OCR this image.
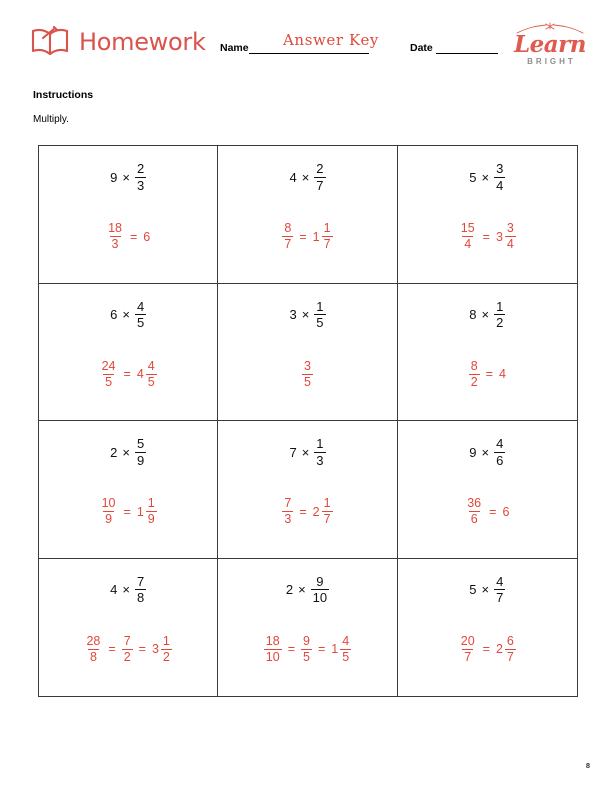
Homework Name Answer Key	Date	Learn
BRIGHT
Instructions
Multiply.
$9 \times \frac{2}{3}$
$\frac{18}{3} = 6$
$4 \times \frac{2}{7}$
$\frac{8}{7} = 1 \frac{1}{7}$
$5 \times \frac{3}{4}$
$\frac{15}{4} = 3 \frac{3}{4}$
$6 \times \frac{4}{5}$
$\frac{24}{5} = 4 \frac{4}{5}$
$3 \times \frac{1}{5}$
$\frac{3}{5}$
$8 \times \frac{1}{2}$
$\frac{8}{2} = 4$
$2 \times \frac{5}{9}$
$\frac{10}{9} = 1 \frac{1}{9}$
$7 \times \frac{1}{3}$
$\frac{7}{3} = 2 \frac{1}{7}$
$9 \times \frac{4}{6}$
$\frac{36}{6} = 6$
$4 \times \frac{7}{8}$
$\frac{28}{8} = \frac{7}{2} = 3 \frac{1}{2}$
$2 \times \frac{9}{10}$
$\frac{18}{10} = \frac{9}{5} = 1 \frac{4}{5}$
$5 \times \frac{4}{7}$
$\frac{20}{7} = 2 \frac{6}{7}$
8
